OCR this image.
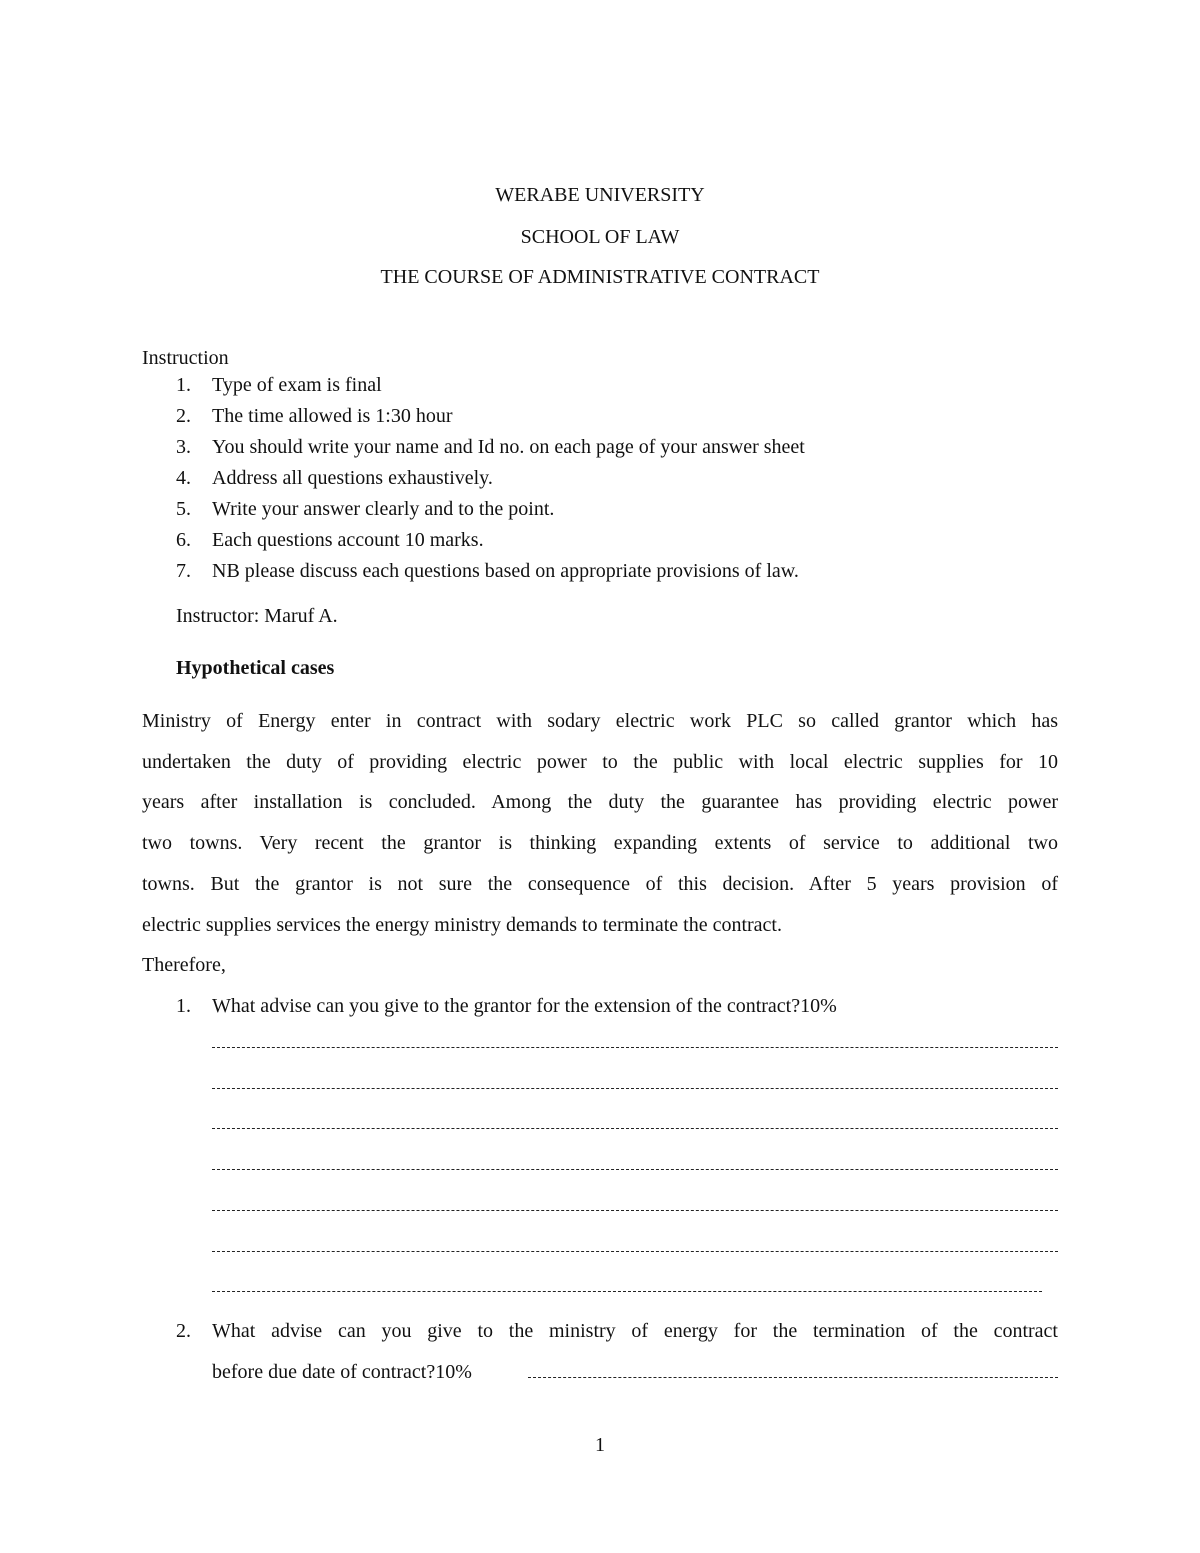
WERABE UNIVERSITY
SCHOOL OF LAW
THE COURSE OF ADMINISTRATIVE CONTRACT
Instruction
1. Type of exam is final
2. The time allowed is 1:30 hour
3. You should write your name and Id no. on each page of your answer sheet
4. Address all questions exhaustively.
5. Write your answer clearly and to the point.
6. Each questions account 10 marks.
7. NB please discuss each questions based on appropriate provisions of law.
Instructor: Maruf A.
Hypothetical cases
Ministry of Energy enter in contract with sodary electric work PLC so called grantor which has
undertaken the duty of providing electric power to the public with local electric supplies for 10
years after installation is concluded. Among the duty the guarantee has providing electric power
two towns. Very recent the grantor is thinking expanding extents of service to additional two
towns. But the grantor is not sure the consequence of this decision. After 5 years provision of
electric supplies services the energy ministry demands to terminate the contract.
Therefore,
1. What advise can you give to the grantor for the extension of the contract?10%
2. What advise can you give to the ministry of energy for the termination of the contract
before due date of contract?10%
1
